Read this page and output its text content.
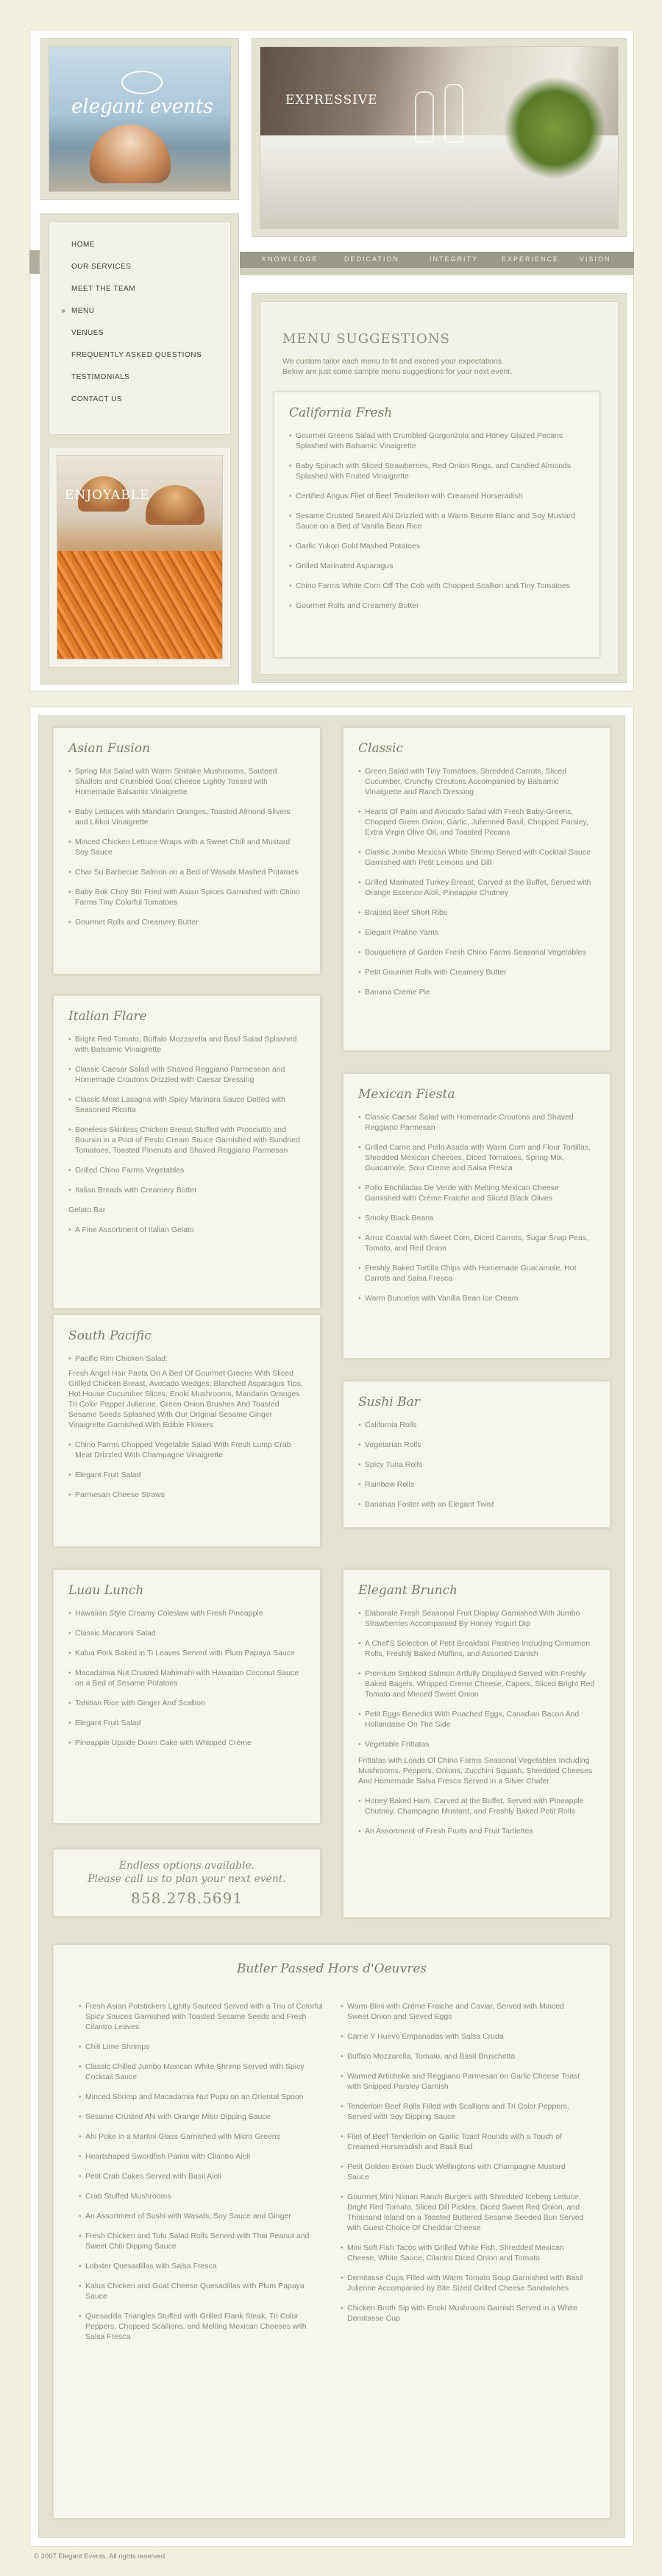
elegant events	EXPRESSIVE
KNOWLEDGE	DEDICATION	INTEGRITY	EXPERIENCE	VISION
HOME
OUR SERVICES
MEET THE TEAM
» MENU
VENUES
FREQUENTLY ASKED QUESTIONS
TESTIMONIALS
CONTACT US
ENJOYABLE
MENU SUGGESTIONS
We custom tailor each menu to fit and exceed your expectations.
Below are just some sample menu suggestions for your next event.
California Fresh
• Gourmet Greens Salad with Crumbled Gorgonzola and Honey Glazed Pecans Splashed with Balsamic Vinaigrette
• Baby Spinach with Sliced Strawberries, Red Onion Rings, and Candied Almonds Splashed with Fruited Vinaigrette
• Certified Angus Filet of Beef Tenderloin with Creamed Horseradish
• Sesame Crusted Seared Ahi Drizzled with a Warm Beurre Blanc and Soy Mustard Sauce on a Bed of Vanilla Bean Rice
• Garlic Yukon Gold Mashed Potatoes
• Grilled Marinated Asparagus
• Chino Farms White Corn Off The Cob with Chopped Scallion and Tiny Tomatoes
• Gourmet Rolls and Creamery Butter
Asian Fusion
• Spring Mix Salad with Warm Shiitake Mushrooms, Sauteed Shallots and Crumbled Goat Cheese Lightly Tossed with Homemade Balsamic Vinaigrette
• Baby Lettuces with Mandarin Oranges, Toasted Almond Slivers and Lilikoi Vinaigrette
• Minced Chicken Lettuce Wraps with a Sweet Chili and Mustard Soy Sauce
• Char Su Barbecue Salmon on a Bed of Wasabi Mashed Potatoes
• Baby Bok Choy Stir Fried with Asian Spices Garnished with Chino Farms Tiny Colorful Tomatoes
• Gourmet Rolls and Creamery Butter
Classic
• Green Salad with Tiny Tomatoes, Shredded Carrots, Sliced Cucumber, Crunchy Croutons Accompanied by Balsamic Vinaigrette and Ranch Dressing
• Hearts Of Palm and Avocado Salad with Fresh Baby Greens, Chopped Green Onion, Garlic, Julienned Basil, Chopped Parsley, Extra Virgin Olive Oil, and Toasted Pecans
• Classic Jumbo Mexican White Shrimp Served with Cocktail Sauce Garnished with Petit Lemons and Dill
• Grilled Marinated Turkey Breast, Carved at the Buffet, Served with Orange Essence Aioli, Pineapple Chutney
• Braised Beef Short Ribs
• Elegant Praline Yams
• Bouquetiere of Garden Fresh Chino Farms Seasonal Vegetables
• Petit Gourmet Rolls with Creamery Butter
• Banana Creme Pie
Italian Flare
• Bright Red Tomato, Buffalo Mozzarella and Basil Salad Splashed with Balsamic Vinaigrette
• Classic Caesar Salad with Shaved Reggiano Parmesean and Homemade Croutons Drizzled with Caesar Dressing
• Classic Meat Lasagna with Spicy Marinara Sauce Dotted with Seasoned Ricotta
• Boneless Skinless Chicken Breast Stuffed with Prosciutto and Boursin in a Pool of Pesto Cream Sauce Garnished with Sundried Tomatoes, Toasted Pinenuts and Shaved Reggiano Parmesan
• Grilled Chino Farms Vegetables
• Italian Breads with Creamery Butter
Gelato Bar
• A Fine Assortment of Italian Gelato
Mexican Fiesta
• Classic Caesar Salad with Homemade Croutons and Shaved Reggiano Parmesan
• Grilled Carne and Pollo Asada with Warm Corn and Flour Tortillas, Shredded Mexican Cheeses, Diced Tomatoes, Spring Mix, Guacamole, Sour Creme and Salsa Fresca
• Pollo Enchiladas De Verde with Melting Mexican Cheese Garnished with Crème Fraiche and Sliced Black Olives
• Smoky Black Beans
• Arroz Coastal with Sweet Corn, Diced Carrots, Sugar Snap Peas, Tomato, and Red Onion
• Freshly Baked Tortilla Chips with Homemade Guacamole, Hot Carrots and Salsa Fresca
• Warm Bunuelos with Vanilla Bean Ice Cream
South Pacific
• Pacific Rim Chicken Salad:
Fresh Angel Hair Pasta On A Bed Of Gourmet Greens With Sliced Grilled Chicken Breast, Avocado Wedges, Blanched Asparagus Tips, Hot House Cucumber Slices, Enoki Mushrooms, Mandarin Oranges Tri Color Pepper Julienne, Green Onion Brushes And Toasted Sesame Seeds Splashed With Our Original Sesame Ginger Vinaigrette Garnished With Edible Flowers
• Chino Farms Chopped Vegetable Salad With Fresh Lump Crab Meat Drizzled With Champagne Vinaigrette
• Elegant Fruit Salad
• Parmesan Cheese Straws
Sushi Bar
• California Rolls
• Vegetarian Rolls
• Spicy Tuna Rolls
• Rainbow Rolls
• Bananas Foster with an Elegant Twist
Luau Lunch
• Hawaiian Style Creamy Coleslaw with Fresh Pineapple
• Classic Macaroni Salad
• Kalua Pork Baked in Ti Leaves Served with Plum Papaya Sauce
• Macadamia Nut Crusted Mahimahi with Hawaiian Coconut Sauce on a Bed of Sesame Potatoes
• Tahitian Rice with Ginger And Scallion
• Elegant Fruit Salad
• Pineapple Upside Down Cake with Whipped Crème
Elegant Brunch
• Elaborate Fresh Seasonal Fruit Display Garnished With Jumbo Strawberries Accompanied By Honey Yogurt Dip
• A Chef'S Selection of Petit Breakfast Pastries Including Cinnamon Rolls, Freshly Baked Muffins, and Assorted Danish
• Premium Smoked Salmon Artfully Displayed Served with Freshly Baked Bagels, Whipped Creme Cheese, Capers, Sliced Bright Red Tomato and Minced Sweet Onion
• Petit Eggs Benedict With Poached Eggs, Canadian Bacon And Hollandaise On The Side
• Vegetable Frittatas
Frittatas with Loads Of Chino Farms Seasonal Vegetables Including Mushrooms, Peppers, Onions, Zucchini Squash, Shredded Cheeses And Homemade Salsa Fresca Served in a Silver Chafer
• Honey Baked Ham, Carved at the Buffet, Served with Pineapple Chutney, Champagne Mustard, and Freshly Baked Petit Rolls
• An Assortment of Fresh Fruits and Fruit Tartlettes
Endless options available.
Please call us to plan your next event.
858.278.5691
Butler Passed Hors d'Oeuvres
• Fresh Asian Potstickers Lightly Sauteed Served with a Trio of Colorful Spicy Sauces Garnished with Toasted Sesame Seeds and Fresh Cilantro Leaves
• Chili Lime Shrimps
• Classic Chilled Jumbo Mexican White Shrimp Served with Spicy Cocktail Sauce
• Minced Shrimp and Macadamia Nut Pupu on an Oriental Spoon
• Sesame Crusted Ahi with Orange Miso Dipping Sauce
• Ahi Poke in a Martini Glass Garnished with Micro Greens
• Heartshaped Swordfish Panini with Cilantro Aioli
• Petit Crab Cakes Served with Basil Aioli
• Crab Stuffed Mushrooms
• An Assortment of Sushi with Wasabi, Soy Sauce and Ginger
• Fresh Chicken and Tofu Salad Rolls Served with Thai Peanut and Sweet Chili Dipping Sauce
• Lobster Quesadillas with Salsa Fresca
• Kalua Chicken and Goat Cheese Quesadillas with Plum Papaya Sauce
• Quesadilla Triangles Stuffed with Grilled Flank Steak, Tri Color Peppers, Chopped Scallions, and Melting Mexican Cheeses with Salsa Fresca
• Warm Blini with Crème Fraiche and Caviar, Served with Minced Sweet Onion and Sieved Eggs
• Carne Y Huevo Empanadas with Salsa Cruda
• Buffalo Mozzarella, Tomato, and Basil Bruschetta
• Warmed Artichoke and Reggiano Parmesan on Garlic Cheese Toast with Snipped Parsley Garnish
• Tenderloin Beef Rolls Filled with Scallions and Tri Color Peppers, Served with Soy Dipping Sauce
• Filet of Beef Tenderloin on Garlic Toast Rounds with a Touch of Creamed Horseradish and Basil Bud
• Petit Golden Brown Duck Wellingtons with Champagne Mustard Sauce
• Gourmet Mini Niman Ranch Burgers with Shredded Iceberg Lettuce, Bright Red Tomato, Sliced Dill Pickles, Diced Sweet Red Onion, and Thousand Island on a Toasted Buttered Sesame Seeded Bun Served with Guest Choice Of Cheddar Cheese
• Mini Soft Fish Tacos with Grilled White Fish, Shredded Mexican Cheese, White Sauce, Cilantro Diced Onion and Tomato
• Demitasse Cups Filled with Warm Tomato Soup Garnished with Basil Julienne Accompanied by Bite Sized Grilled Cheese Sandwiches
• Chicken Broth Sip with Enoki Mushroom Garnish Served in a White Demitasse Cup
© 2007 Elegant Events. All rights reserved.
